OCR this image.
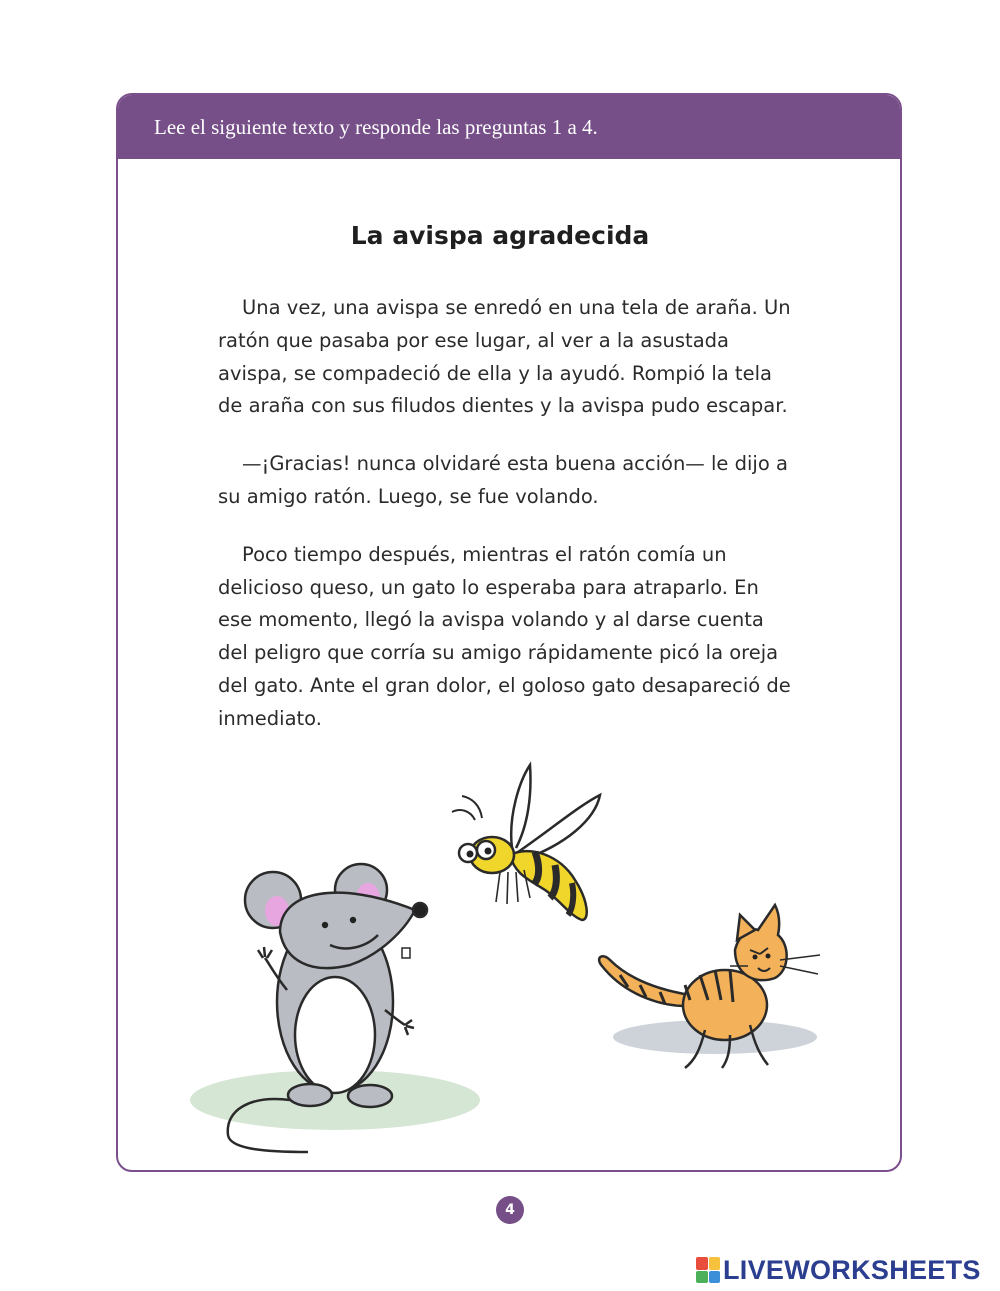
Lee el siguiente texto y responde las preguntas 1 a 4.
La avispa agradecida

Una vez, una avispa se enredó en una tela de araña. Un ratón que pasaba por ese lugar, al ver a la asustada avispa, se compadeció de ella y la ayudó. Rompió la tela de araña con sus filudos dientes y la avispa pudo escapar.

—¡Gracias! nunca olvidaré esta buena acción— le dijo a su amigo ratón. Luego, se fue volando.

Poco tiempo después, mientras el ratón comía un delicioso queso, un gato lo esperaba para atraparlo. En ese momento, llegó la avispa volando y al darse cuenta del peligro que corría su amigo rápidamente picó la oreja del gato. Ante el gran dolor, el goloso gato desapareció de inmediato.

4
LIVEWORKSHEETS
